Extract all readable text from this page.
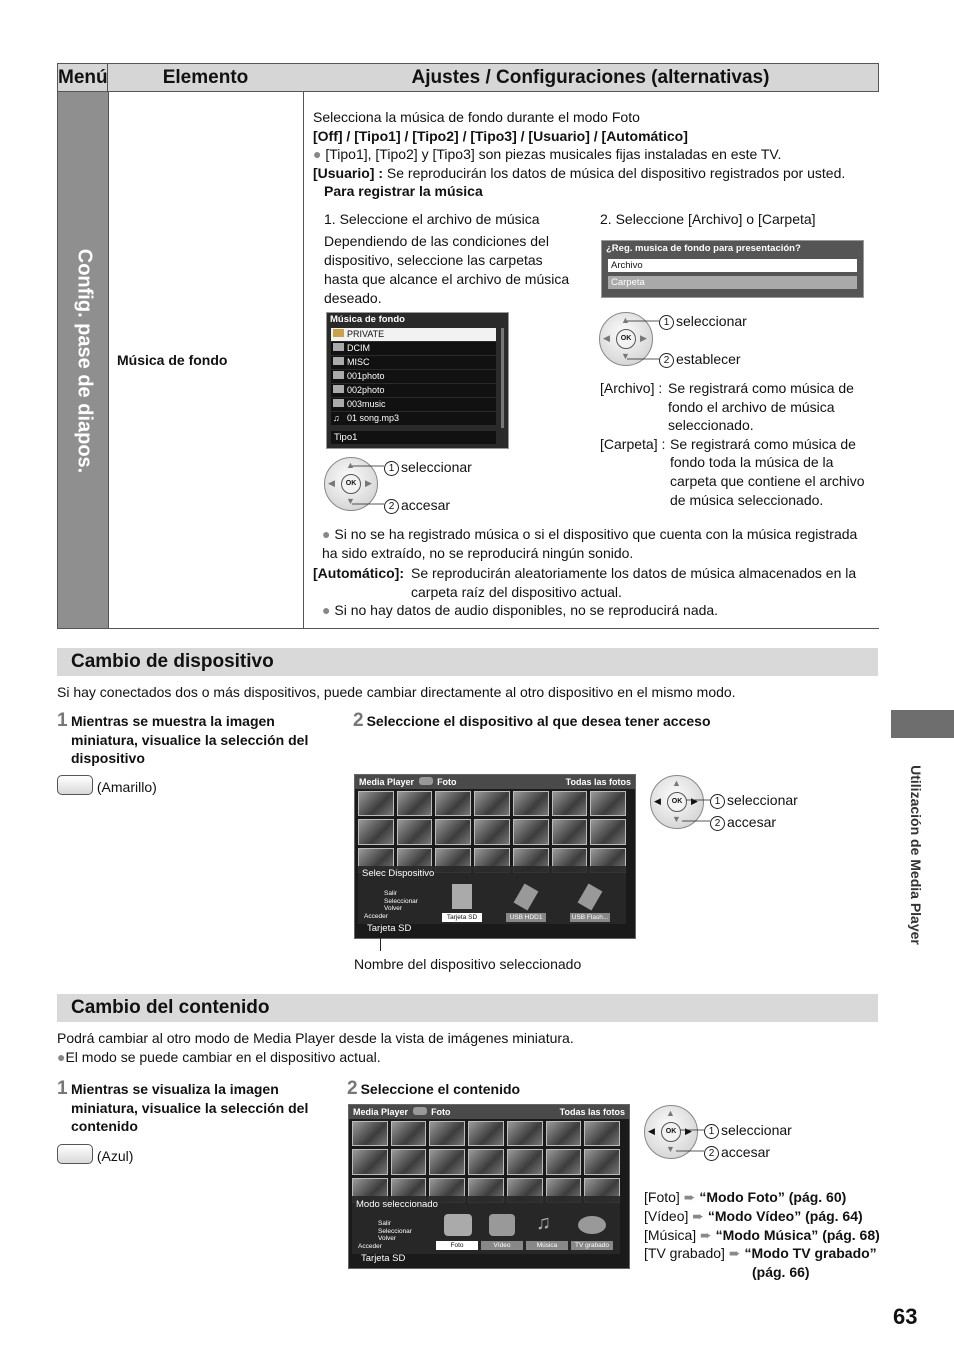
Menú	Elemento	Ajustes / Configuraciones (alternativas)
Config. pase de diapos. Música de fondo
Selecciona la música de fondo durante el modo Foto
[Off] / [Tipo1] / [Tipo2] / [Tipo3] / [Usuario] / [Automático]
● [Tipo1], [Tipo2] y [Tipo3] son piezas musicales fijas instaladas en este TV.
[Usuario] : Se reproducirán los datos de música del dispositivo registrados por usted.
Para registrar la música
1. Seleccione el archivo de música
Dependiendo de las condiciones del dispositivo, seleccione las carpetas hasta que alcance el archivo de música deseado.
2. Seleccione [Archivo] o [Carpeta]
Música de fondo
PRIVATE
DCIM
MISC
001photo
002photo
003music
♫ 01 song.mp3
Tipo1
¿Reg. musica de fondo para presentación?
Archivo
Carpeta
OK
▲
▼
◀	▶
1 seleccionar
2 accesar
OK
▲
▼
◀	▶
1 seleccionar
2 establecer
[Archivo] : Se registrará como música de fondo el archivo de música seleccionado.
[Carpeta] : Se registrará como música de fondo toda la música de la carpeta que contiene el archivo de música seleccionado.
● Si no se ha registrado música o si el dispositivo que cuenta con la música registrada ha sido extraído, no se reproducirá ningún sonido.
[Automático]: Se reproducirán aleatoriamente los datos de música almacenados en la carpeta raíz del dispositivo actual.
● Si no hay datos de audio disponibles, no se reproducirá nada.
Utilización de Media Player
Cambio de dispositivo
Si hay conectados dos o más dispositivos, puede cambiar directamente al otro dispositivo en el mismo modo.
1 Mientras se muestra la imagen miniatura, visualice la selección del dispositivo
(Amarillo)
2 Seleccione el dispositivo al que desea tener acceso
Media Player	Foto	Todas las fotos
Selec Dispositivo
Salir
Seleccionar
Volver
Acceder	Tarjeta SD	USB HDD1	USB Flash...
Tarjeta SD
Nombre del dispositivo seleccionado
OK
▲
▼
◀	▶	1 seleccionar
2 accesar
Cambio del contenido
Podrá cambiar al otro modo de Media Player desde la vista de imágenes miniatura.
●El modo se puede cambiar en el dispositivo actual.
1 Mientras se visualiza la imagen miniatura, visualice la selección del contenido
(Azul)
2 Seleccione el contenido
Media Player	Foto	Todas las fotos
Modo seleccionado
Salir
Seleccionar
Volver
Acceder	Foto	Vídeo	Música	TV grabado
♫
Tarjeta SD
OK
▲
▼
◀	▶	1 seleccionar
2 accesar
[Foto] ➨ “Modo Foto” (pág. 60)
[Vídeo] ➨ “Modo Vídeo” (pág. 64)
[Música] ➨ “Modo Música” (pág. 68)
[TV grabado] ➨ “Modo TV grabado”
(pág. 66)
63
